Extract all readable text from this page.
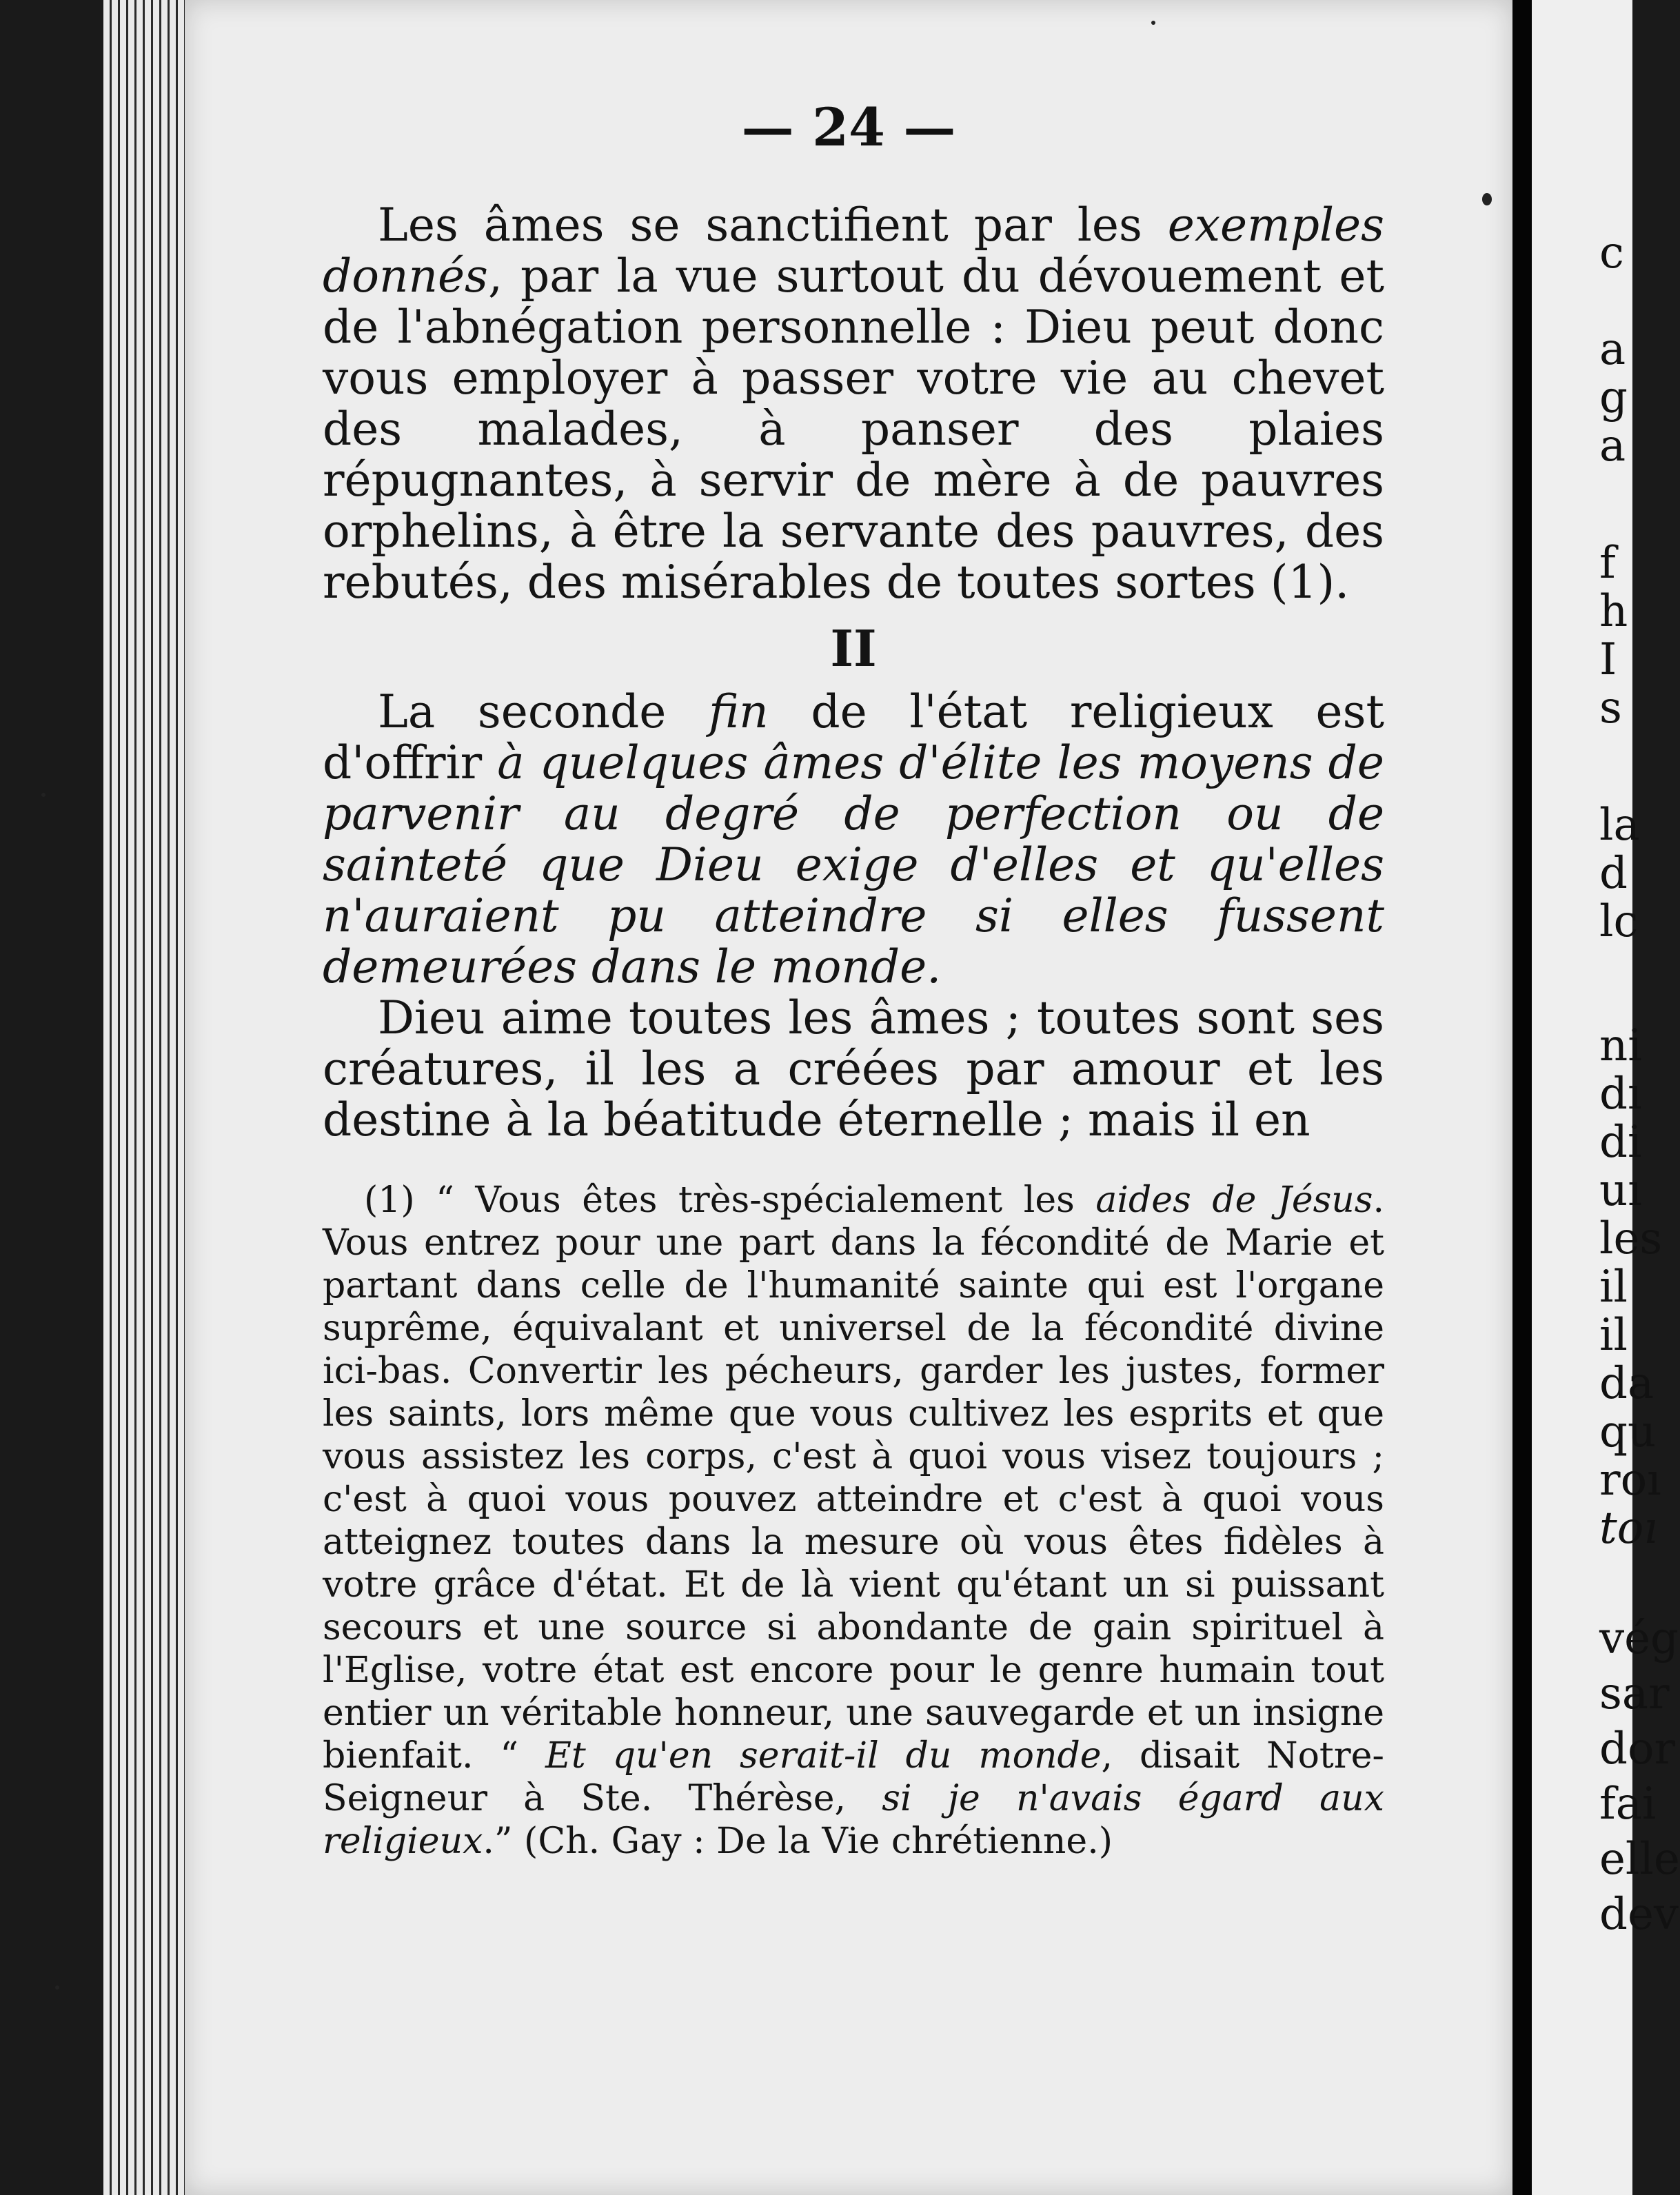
— 24 —

Les âmes se sanctifient par les exemples donnés, par la vue surtout du dévouement et de l'abnégation personnelle : Dieu peut donc vous employer à passer votre vie au chevet des malades, à panser des plaies répugnantes, à servir de mère à de pauvres orphelins, à être la servante des pauvres, des rebutés, des misérables de toutes sortes (1).

II

La seconde fin de l'état religieux est d'offrir à quelques âmes d'élite les moyens de parvenir au degré de perfection ou de sainteté que Dieu exige d'elles et qu'elles n'auraient pu atteindre si elles fussent demeurées dans le monde.

Dieu aime toutes les âmes ; toutes sont ses créatures, il les a créées par amour et les destine à la béatitude éternelle ; mais il en

(1) “ Vous êtes très-spécialement les aides de Jésus. Vous entrez pour une part dans la fécondité de Marie et partant dans celle de l'humanité sainte qui est l'organe suprême, équivalant et universel de la fécondité divine ici-bas. Convertir les pécheurs, garder les justes, former les saints, lors même que vous cultivez les esprits et que vous assistez les corps, c'est à quoi vous visez toujours ; c'est à quoi vous pouvez atteindre et c'est à quoi vous atteignez toutes dans la mesure où vous êtes fidèles à votre grâce d'état. Et de là vient qu'étant un si puissant secours et une source si abondante de gain spirituel à l'Eglise, votre état est encore pour le genre humain tout entier un véritable honneur, une sauvegarde et un insigne bienfait. “ Et qu'en serait-il du monde, disait Notre-Seigneur à Ste. Thérèse, si je n'avais égard aux religieux.” (Ch. Gay : De la Vie chrétienne.)

c
a
g
a
f
h
I
s
la
d
lc
ni
dı
di
uı
les
il
il
da
qu
roı
toı
vég
sar
dor
fai
elle
dev
